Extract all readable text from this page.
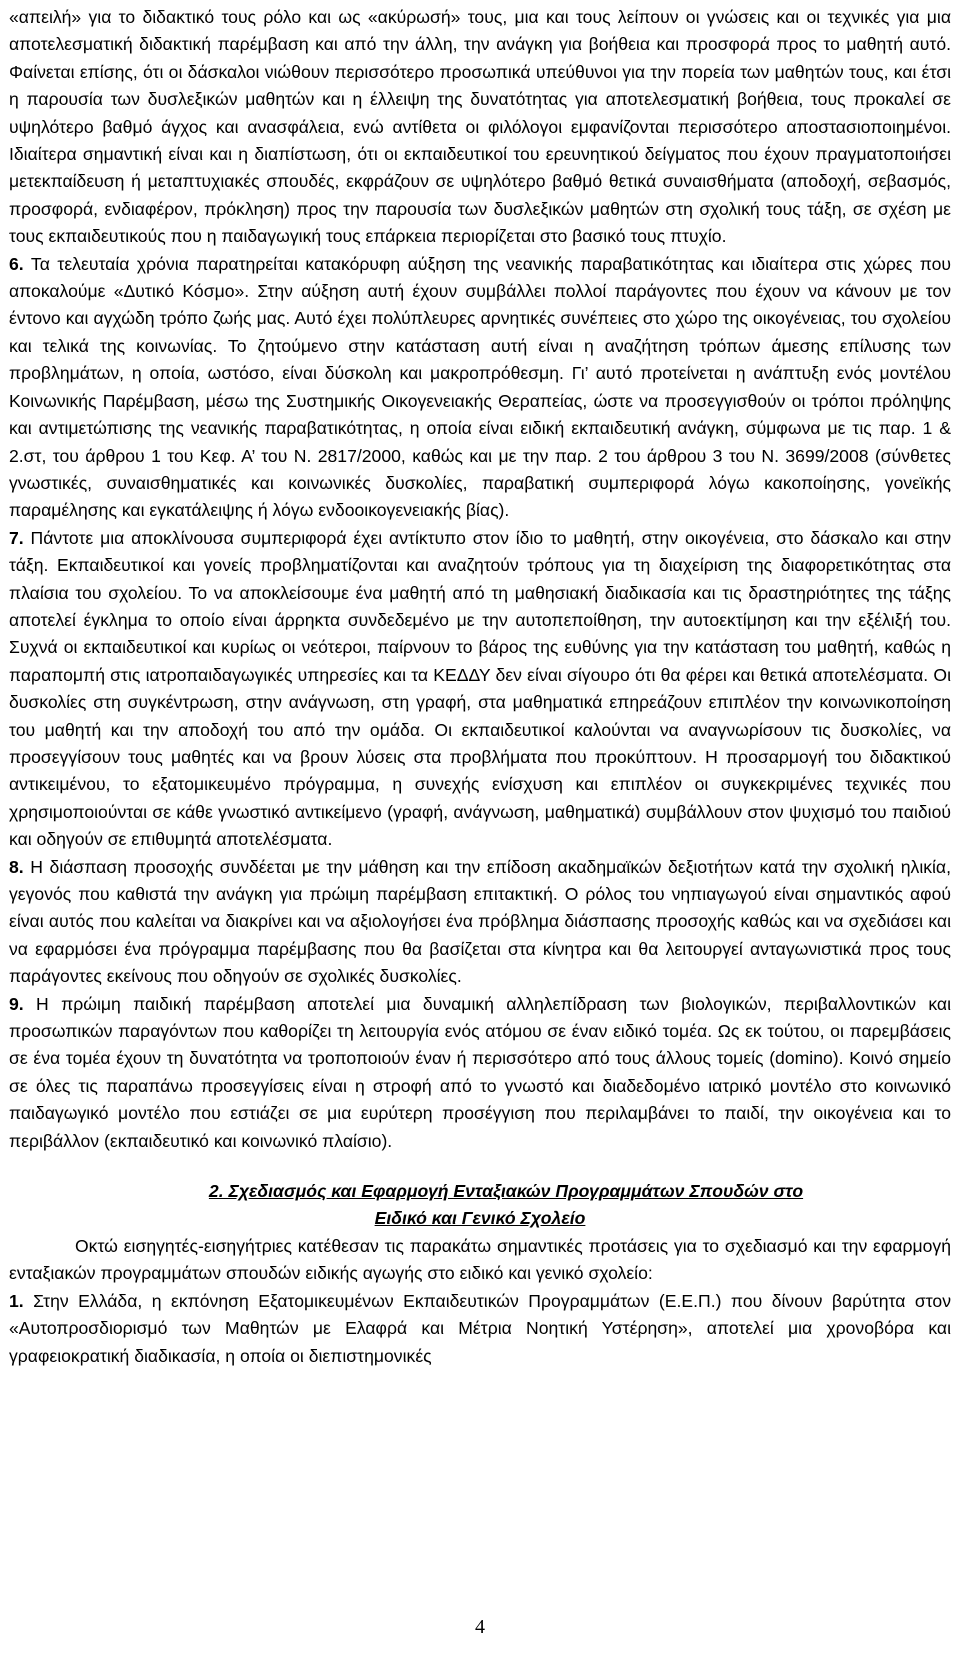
«απειλή» για το διδακτικό τους ρόλο και ως «ακύρωσή» τους, μια και τους λείπουν οι γνώσεις και οι τεχνικές για μια αποτελεσματική διδακτική παρέμβαση και από την άλλη, την ανάγκη για βοήθεια και προσφορά προς το μαθητή αυτό. Φαίνεται επίσης, ότι οι δάσκαλοι νιώθουν περισσότερο προσωπικά υπεύθυνοι για την πορεία των μαθητών τους, και έτσι η παρουσία των δυσλεξικών μαθητών και η έλλειψη της δυνατότητας για αποτελεσματική βοήθεια, τους προκαλεί σε υψηλότερο βαθμό άγχος και ανασφάλεια, ενώ αντίθετα οι φιλόλογοι εμφανίζονται περισσότερο αποστασιοποιημένοι. Ιδιαίτερα σημαντική είναι και η διαπίστωση, ότι οι εκπαιδευτικοί του ερευνητικού δείγματος που έχουν πραγματοποιήσει μετεκπαίδευση ή μεταπτυχιακές σπουδές, εκφράζουν σε υψηλότερο βαθμό θετικά συναισθήματα (αποδοχή, σεβασμός, προσφορά, ενδιαφέρον, πρόκληση) προς την παρουσία των δυσλεξικών μαθητών στη σχολική τους τάξη, σε σχέση με τους εκπαιδευτικούς που η παιδαγωγική τους επάρκεια περιορίζεται στο βασικό τους πτυχίο.

6. Τα τελευταία χρόνια παρατηρείται κατακόρυφη αύξηση της νεανικής παραβατικότητας και ιδιαίτερα στις χώρες που αποκαλούμε «Δυτικό Κόσμο». Στην αύξηση αυτή έχουν συμβάλλει πολλοί παράγοντες που έχουν να κάνουν με τον έντονο και αγχώδη τρόπο ζωής μας. Αυτό έχει πολύπλευρες αρνητικές συνέπειες στο χώρο της οικογένειας, του σχολείου και τελικά της κοινωνίας. Το ζητούμενο στην κατάσταση αυτή είναι η αναζήτηση τρόπων άμεσης επίλυσης των προβλημάτων, η οποία, ωστόσο, είναι δύσκολη και μακροπρόθεσμη. Γι’ αυτό προτείνεται η ανάπτυξη ενός μοντέλου Κοινωνικής Παρέμβαση, μέσω της Συστημικής Οικογενειακής Θεραπείας, ώστε να προσεγγισθούν οι τρόποι πρόληψης και αντιμετώπισης της νεανικής παραβατικότητας, η οποία είναι ειδική εκπαιδευτική ανάγκη, σύμφωνα με τις παρ. 1 & 2.στ, του άρθρου 1 του Κεφ. Α’ του Ν. 2817/2000, καθώς και με την παρ. 2 του άρθρου 3 του Ν. 3699/2008 (σύνθετες γνωστικές, συναισθηματικές και κοινωνικές δυσκολίες, παραβατική συμπεριφορά λόγω κακοποίησης, γονεϊκής παραμέλησης και εγκατάλειψης ή λόγω ενδοοικογενειακής βίας).

7. Πάντοτε μια αποκλίνουσα συμπεριφορά έχει αντίκτυπο στον ίδιο το μαθητή, στην οικογένεια, στο δάσκαλο και στην τάξη. Εκπαιδευτικοί και γονείς προβληματίζονται και αναζητούν τρόπους για τη διαχείριση της διαφορετικότητας στα πλαίσια του σχολείου. Το να αποκλείσουμε ένα μαθητή από τη μαθησιακή διαδικασία και τις δραστηριότητες της τάξης αποτελεί έγκλημα το οποίο είναι άρρηκτα συνδεδεμένο με την αυτοπεποίθηση, την αυτοεκτίμηση και την εξέλιξή του. Συχνά οι εκπαιδευτικοί και κυρίως οι νεότεροι, παίρνουν το βάρος της ευθύνης για την κατάσταση του μαθητή, καθώς η παραπομπή στις ιατροπαιδαγωγικές υπηρεσίες και τα ΚΕΔΔΥ δεν είναι σίγουρο ότι θα φέρει και θετικά αποτελέσματα. Οι δυσκολίες στη συγκέντρωση, στην ανάγνωση, στη γραφή, στα μαθηματικά επηρεάζουν επιπλέον την κοινωνικοποίηση του μαθητή και την αποδοχή του από την ομάδα. Οι εκπαιδευτικοί καλούνται να αναγνωρίσουν τις δυσκολίες, να προσεγγίσουν τους μαθητές και να βρουν λύσεις στα προβλήματα που προκύπτουν. Η προσαρμογή του διδακτικού αντικειμένου, το εξατομικευμένο πρόγραμμα, η συνεχής ενίσχυση και επιπλέον οι συγκεκριμένες τεχνικές που χρησιμοποιούνται σε κάθε γνωστικό αντικείμενο (γραφή, ανάγνωση, μαθηματικά) συμβάλλουν στον ψυχισμό του παιδιού και οδηγούν σε επιθυμητά αποτελέσματα.

8. Η διάσπαση προσοχής συνδέεται με την μάθηση και την επίδοση ακαδημαϊκών δεξιοτήτων κατά την σχολική ηλικία, γεγονός που καθιστά την ανάγκη για πρώιμη παρέμβαση επιτακτική. Ο ρόλος του νηπιαγωγού είναι σημαντικός αφού είναι αυτός που καλείται να διακρίνει και να αξιολογήσει ένα πρόβλημα διάσπασης προσοχής καθώς και να σχεδιάσει και να εφαρμόσει ένα πρόγραμμα παρέμβασης που θα βασίζεται στα κίνητρα και θα λειτουργεί ανταγωνιστικά προς τους παράγοντες εκείνους που οδηγούν σε σχολικές δυσκολίες.

9. Η πρώιμη παιδική παρέμβαση αποτελεί μια δυναμική αλληλεπίδραση των βιολογικών, περιβαλλοντικών και προσωπικών παραγόντων που καθορίζει τη λειτουργία ενός ατόμου σε έναν ειδικό τομέα. Ως εκ τούτου, οι παρεμβάσεις σε ένα τομέα έχουν τη δυνατότητα να τροποποιούν έναν ή περισσότερο από τους άλλους τομείς (domino). Κοινό σημείο σε όλες τις παραπάνω προσεγγίσεις είναι η στροφή από το γνωστό και διαδεδομένο ιατρικό μοντέλο στο κοινωνικό παιδαγωγικό μοντέλο που εστιάζει σε μια ευρύτερη προσέγγιση που περιλαμβάνει το παιδί, την οικογένεια και το περιβάλλον (εκπαιδευτικό και κοινωνικό πλαίσιο).

2. Σχεδιασμός και Εφαρμογή Ενταξιακών Προγραμμάτων Σπουδών στο
Ειδικό και Γενικό Σχολείο

Οκτώ εισηγητές-εισηγήτριες κατέθεσαν τις παρακάτω σημαντικές προτάσεις για το σχεδιασμό και την εφαρμογή ενταξιακών προγραμμάτων σπουδών ειδικής αγωγής στο ειδικό και γενικό σχολείο:

1. Στην Ελλάδα, η εκπόνηση Εξατομικευμένων Εκπαιδευτικών Προγραμμάτων (Ε.Ε.Π.) που δίνουν βαρύτητα στον «Αυτοπροσδιορισμό των Μαθητών με Ελαφρά και Μέτρια Νοητική Υστέρηση», αποτελεί μια χρονοβόρα και γραφειοκρατική διαδικασία, η οποία οι διεπιστημονικές

4
